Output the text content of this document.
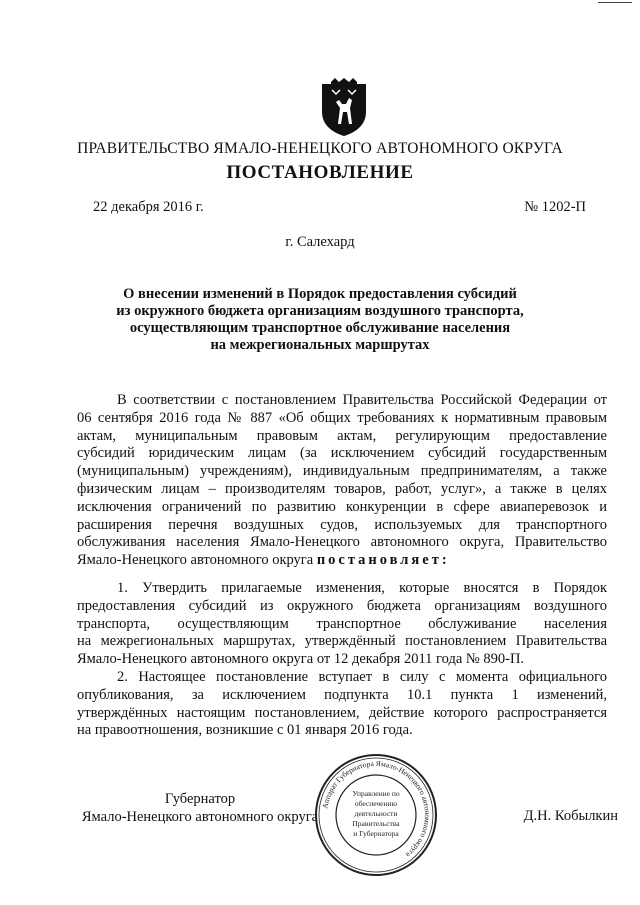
ПРАВИТЕЛЬСТВО ЯМАЛО-НЕНЕЦКОГО АВТОНОМНОГО ОКРУГА
ПОСТАНОВЛЕНИЕ
22 декабря 2016 г.	№ 1202-П
г. Салехард
О внесении изменений в Порядок предоставления субсидий
из окружного бюджета организациям воздушного транспорта,
осуществляющим транспортное обслуживание населения
на межрегиональных маршрутах
В соответствии с постановлением Правительства Российской Федерации от
06 сентября 2016 года № 887 «Об общих требованиях к нормативным правовым
актам, муниципальным правовым актам, регулирующим предоставление
субсидий юридическим лицам (за исключением субсидий государственным
(муниципальным) учреждениям), индивидуальным предпринимателям, а также
физическим лицам – производителям товаров, работ, услуг», а также в целях
исключения ограничений по развитию конкуренции в сфере авиаперевозок и
расширения перечня воздушных судов, используемых для транспортного
обслуживания населения Ямало-Ненецкого автономного округа, Правительство
Ямало-Ненецкого автономного округа постановляет:
1. Утвердить прилагаемые изменения, которые вносятся в Порядок
предоставления субсидий из окружного бюджета организациям воздушного
транспорта, осуществляющим транспортное обслуживание населения
на межрегиональных маршрутах, утверждённый постановлением Правительства
Ямало-Ненецкого автономного округа от 12 декабря 2011 года № 890-П.
2. Настоящее постановление вступает в силу с момента официального
опубликования, за исключением подпункта 10.1 пункта 1 изменений,
утверждённых настоящим постановлением, действие которого распространяется
на правоотношения, возникшие с 01 января 2016 года.
Губернатор
Ямало-Ненецкого автономного округа
Аппарат Губернатора Ямало-Ненецкого автономного округа
Управление по
обеспечению
деятельности
Правительства
и Губернатора
Д.Н. Кобылкин
